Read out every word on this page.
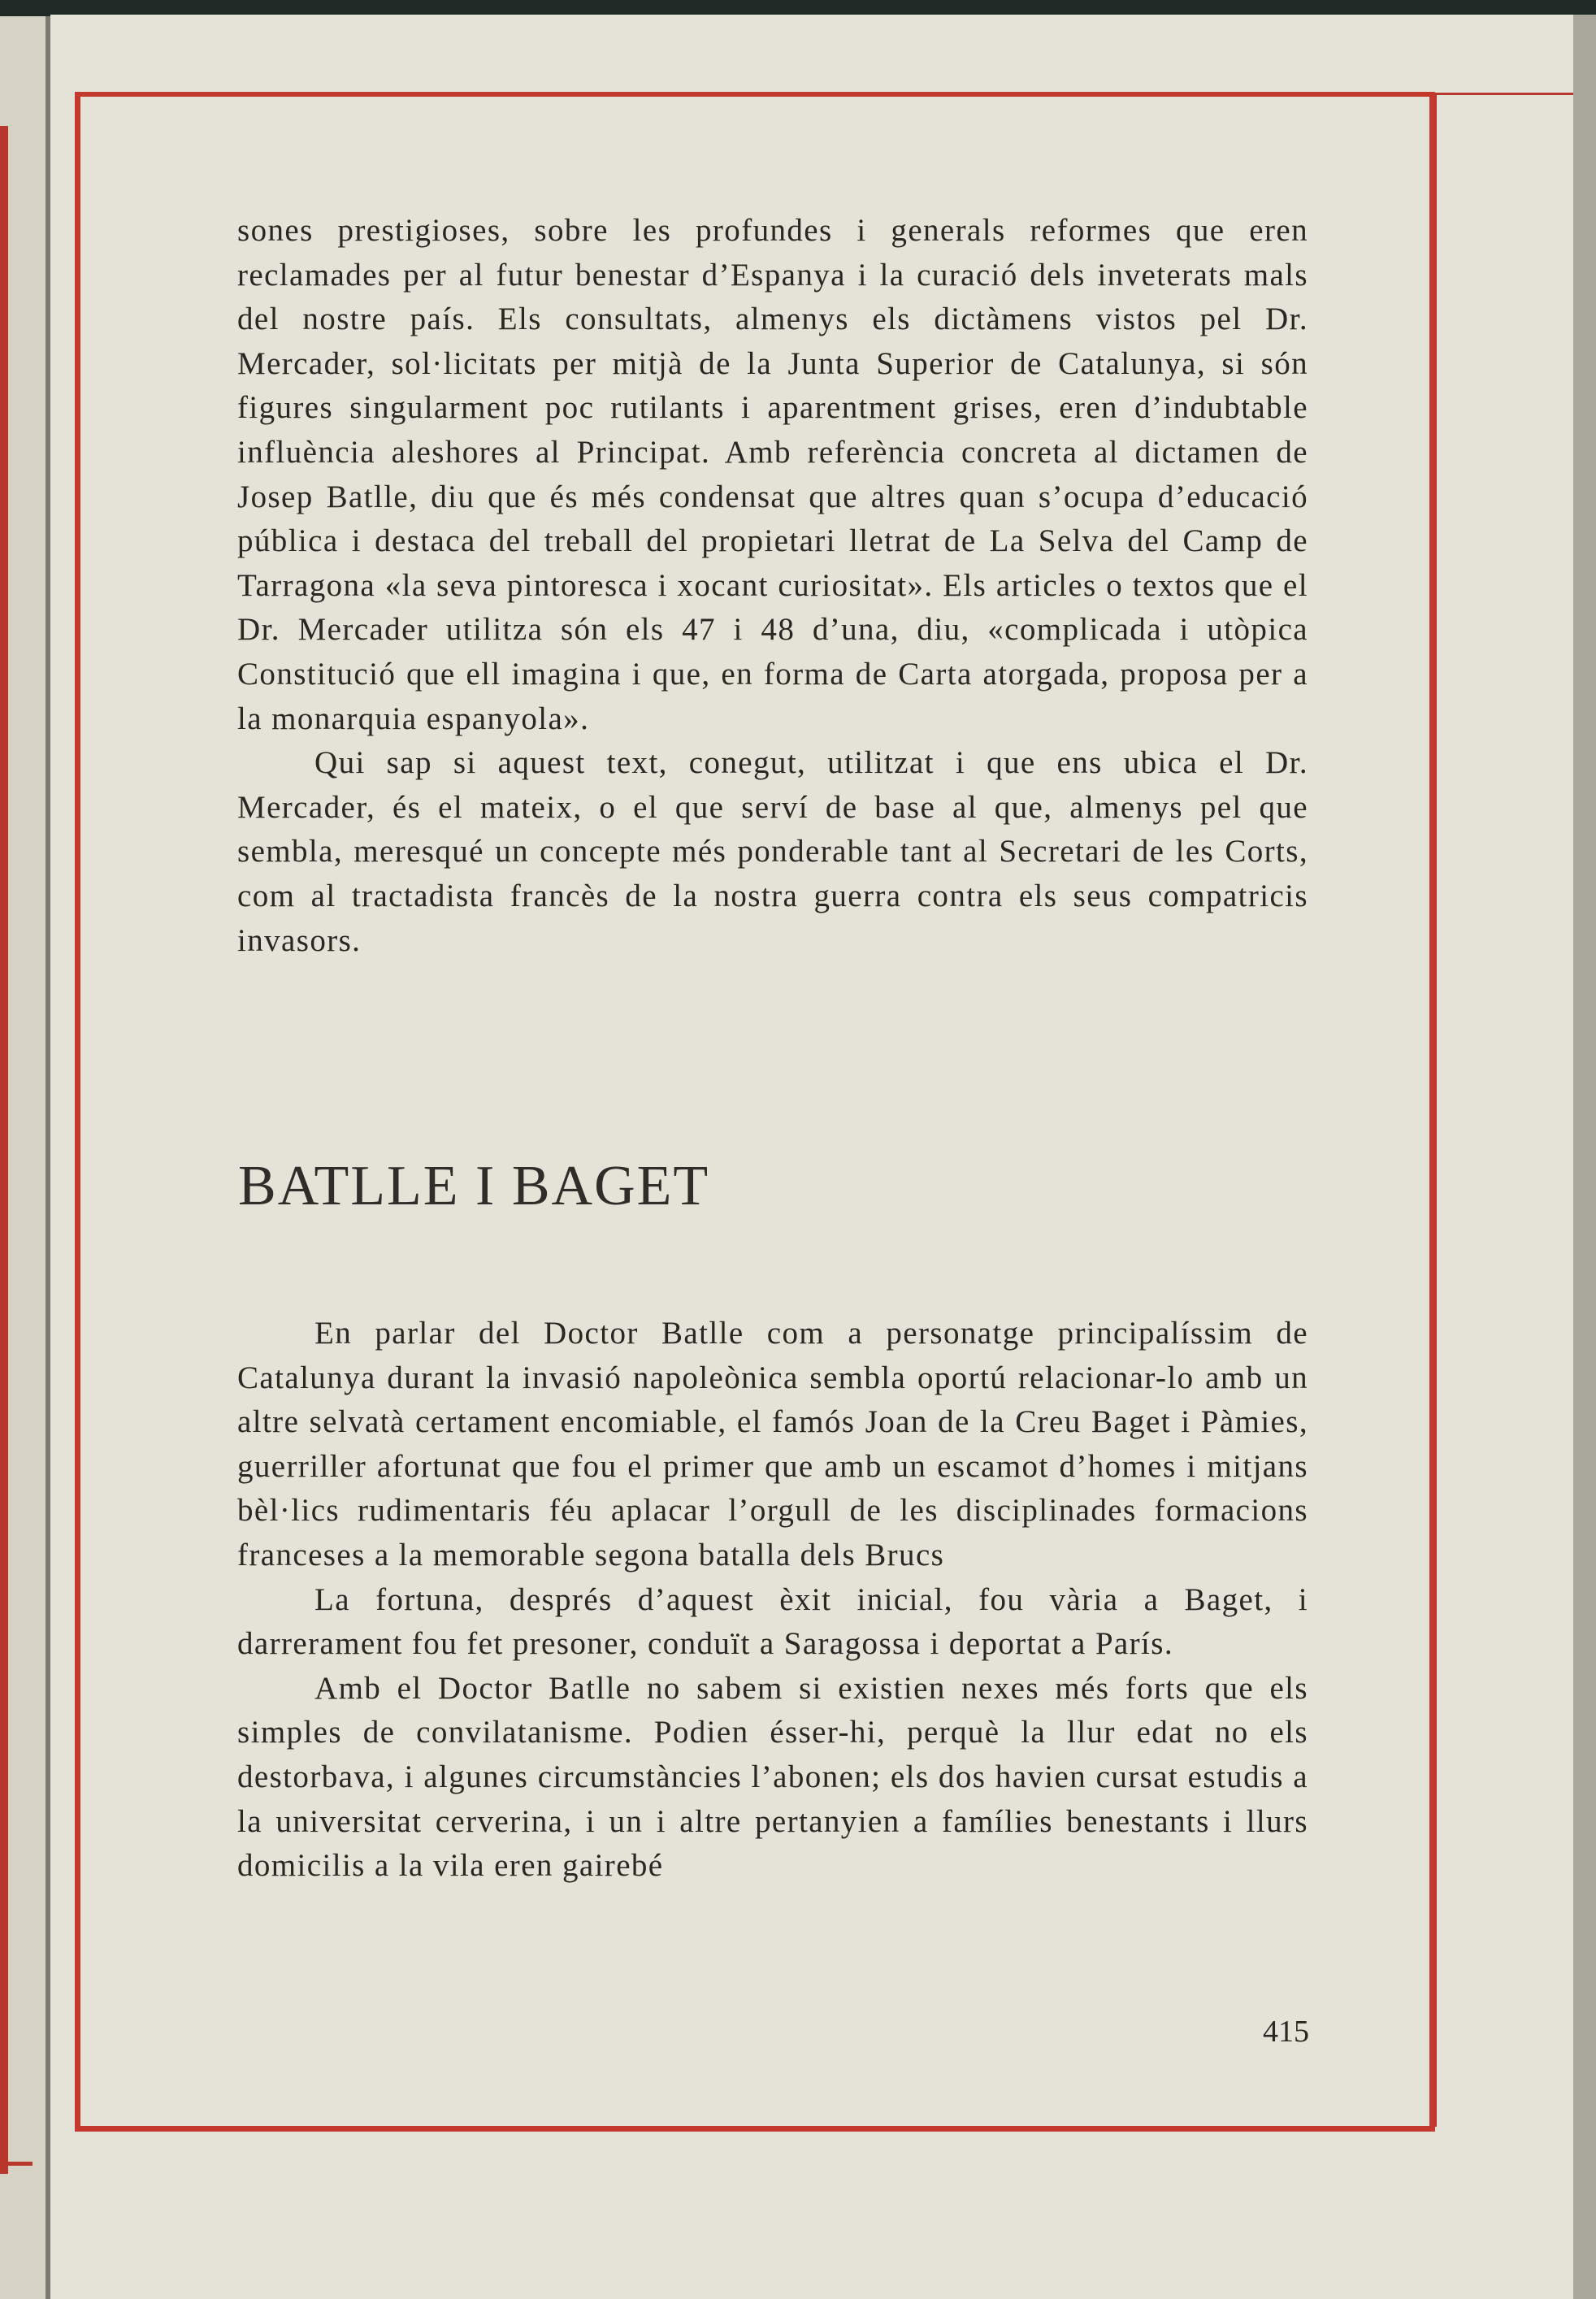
sones prestigioses, sobre les profundes i generals reformes que eren reclamades per al futur benestar d’Espanya i la curació dels inveterats mals del nostre país. Els consultats, almenys els dictàmens vistos pel Dr. Mercader, sol·licitats per mitjà de la Junta Superior de Catalunya, si són figures singularment poc rutilants i aparentment grises, eren d’indubtable influència aleshores al Principat. Amb referència concreta al dictamen de Josep Batlle, diu que és més condensat que altres quan s’ocupa d’educació pública i destaca del treball del propietari lletrat de La Selva del Camp de Tarragona «la seva pintoresca i xocant curiositat». Els articles o textos que el Dr. Mercader utilitza són els 47 i 48 d’una, diu, «complicada i utòpica Constitució que ell imagina i que, en forma de Carta atorgada, proposa per a la monarquia espanyola».

Qui sap si aquest text, conegut, utilitzat i que ens ubica el Dr. Mercader, és el mateix, o el que serví de base al que, almenys pel que sembla, meresqué un concepte més ponderable tant al Secretari de les Corts, com al tractadista francès de la nostra guerra contra els seus compatricis invasors.

BATLLE I BAGET

En parlar del Doctor Batlle com a personatge principalíssim de Catalunya durant la invasió napoleònica sembla oportú relacionar-lo amb un altre selvatà certament encomiable, el famós Joan de la Creu Baget i Pàmies, guerriller afortunat que fou el primer que amb un escamot d’homes i mitjans bèl·lics rudimentaris féu aplacar l’orgull de les disciplinades formacions franceses a la memorable segona batalla dels Brucs

La fortuna, després d’aquest èxit inicial, fou vària a Baget, i darrerament fou fet presoner, conduït a Saragossa i deportat a París.

Amb el Doctor Batlle no sabem si existien nexes més forts que els simples de convilatanisme. Podien ésser-hi, perquè la llur edat no els destorbava, i algunes circumstàncies l’abonen; els dos havien cursat estudis a la universitat cerverina, i un i altre pertanyien a famílies benestants i llurs domicilis a la vila eren gairebé

415
